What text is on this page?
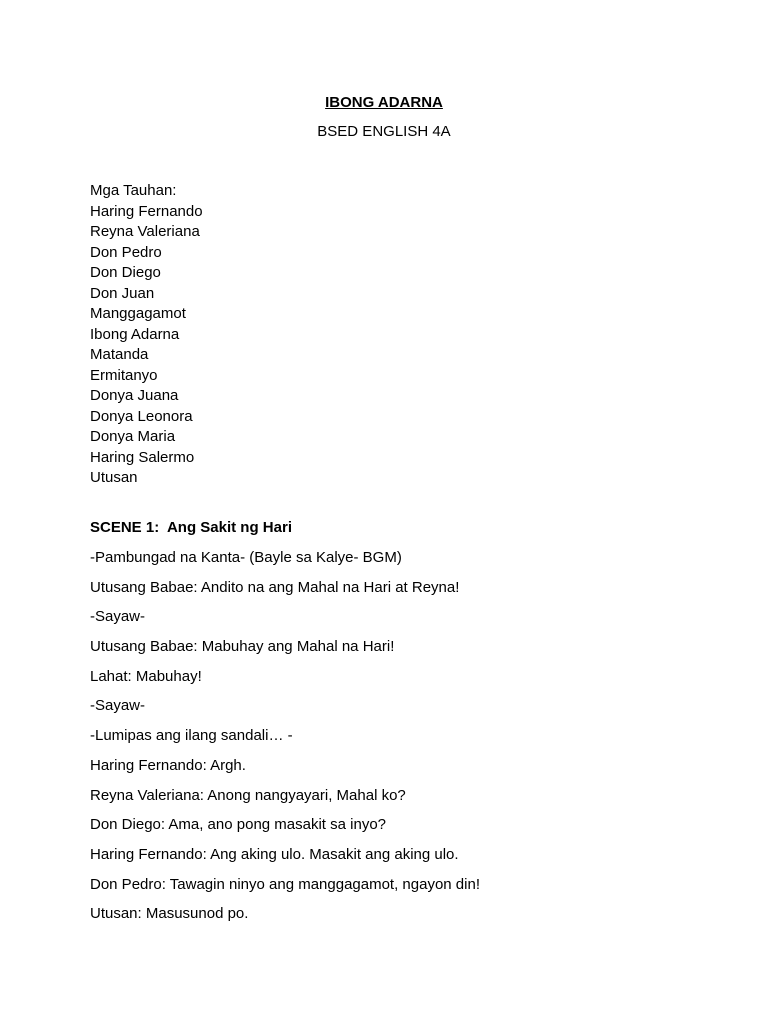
IBONG ADARNA
BSED ENGLISH 4A
Mga Tauhan:
Haring Fernando
Reyna Valeriana
Don Pedro
Don Diego
Don Juan
Manggagamot
Ibong Adarna
Matanda
Ermitanyo
Donya Juana
Donya Leonora
Donya Maria
Haring Salermo
Utusan
SCENE 1:  Ang Sakit ng Hari
-Pambungad na Kanta- (Bayle sa Kalye- BGM)
Utusang Babae: Andito na ang Mahal na Hari at Reyna!
-Sayaw-
Utusang Babae: Mabuhay ang Mahal na Hari!
Lahat: Mabuhay!
-Sayaw-
-Lumipas ang ilang sandali… -
Haring Fernando: Argh.
Reyna Valeriana: Anong nangyayari, Mahal ko?
Don Diego: Ama, ano pong masakit sa inyo?
Haring Fernando: Ang aking ulo. Masakit ang aking ulo.
Don Pedro: Tawagin ninyo ang manggagamot, ngayon din!
Utusan: Masusunod po.
